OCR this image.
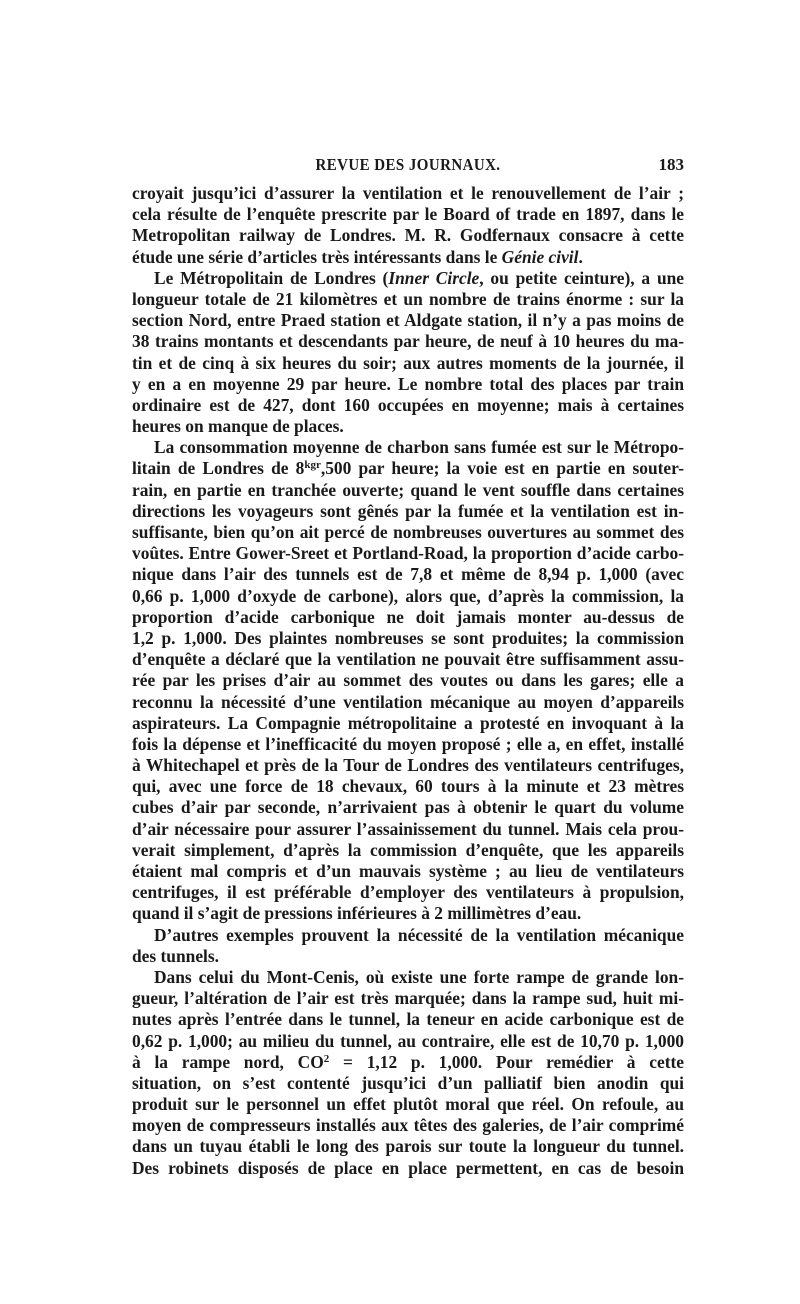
REVUE DES JOURNAUX.	183
croyait jusqu’ici d’assurer la ventilation et le renouvellement de l’air ;
cela résulte de l’enquête prescrite par le Board of trade en 1897, dans le
Metropolitan railway de Londres. M. R. Godfernaux consacre à cette
étude une série d’articles très intéressants dans le Génie civil.
Le Métropolitain de Londres (Inner Circle, ou petite ceinture), a une
longueur totale de 21 kilomètres et un nombre de trains énorme : sur la
section Nord, entre Praed station et Aldgate station, il n’y a pas moins de
38 trains montants et descendants par heure, de neuf à 10 heures du ma-
tin et de cinq à six heures du soir; aux autres moments de la journée, il
y en a en moyenne 29 par heure. Le nombre total des places par train
ordinaire est de 427, dont 160 occupées en moyenne; mais à certaines
heures on manque de places.
La consommation moyenne de charbon sans fumée est sur le Métropo-
litain de Londres de $8^{kgr},500$ par heure; la voie est en partie en souter-
rain, en partie en tranchée ouverte; quand le vent souffle dans certaines
directions les voyageurs sont gênés par la fumée et la ventilation est in-
suffisante, bien qu’on ait percé de nombreuses ouvertures au sommet des
voûtes. Entre Gower-Sreet et Portland-Road, la proportion d’acide carbo-
nique dans l’air des tunnels est de 7,8 et même de 8,94 p. 1,000 (avec
0,66 p. 1,000 d’oxyde de carbone), alors que, d’après la commission, la
proportion d’acide carbonique ne doit jamais monter au-dessus de
1,2 p. 1,000. Des plaintes nombreuses se sont produites; la commission
d’enquête a déclaré que la ventilation ne pouvait être suffisamment assu-
rée par les prises d’air au sommet des voutes ou dans les gares; elle a
reconnu la nécessité d’une ventilation mécanique au moyen d’appareils
aspirateurs. La Compagnie métropolitaine a protesté en invoquant à la
fois la dépense et l’inefficacité du moyen proposé ; elle a, en effet, installé
à Whitechapel et près de la Tour de Londres des ventilateurs centrifuges,
qui, avec une force de 18 chevaux, 60 tours à la minute et 23 mètres
cubes d’air par seconde, n’arrivaient pas à obtenir le quart du volume
d’air nécessaire pour assurer l’assainissement du tunnel. Mais cela prou-
verait simplement, d’après la commission d’enquête, que les appareils
étaient mal compris et d’un mauvais système ; au lieu de ventilateurs
centrifuges, il est préférable d’employer des ventilateurs à propulsion,
quand il s’agit de pressions inférieures à 2 millimètres d’eau.
D’autres exemples prouvent la nécessité de la ventilation mécanique
des tunnels.
Dans celui du Mont-Cenis, où existe une forte rampe de grande lon-
gueur, l’altération de l’air est très marquée; dans la rampe sud, huit mi-
nutes après l’entrée dans le tunnel, la teneur en acide carbonique est de
0,62 p. 1,000; au milieu du tunnel, au contraire, elle est de 10,70 p. 1,000
à la rampe nord, $CO^2 = 1,12$ p. 1,000. Pour remédier à cette
situation, on s’est contenté jusqu’ici d’un palliatif bien anodin qui
produit sur le personnel un effet plutôt moral que réel. On refoule, au
moyen de compresseurs installés aux têtes des galeries, de l’air comprimé
dans un tuyau établi le long des parois sur toute la longueur du tunnel.
Des robinets disposés de place en place permettent, en cas de besoin
